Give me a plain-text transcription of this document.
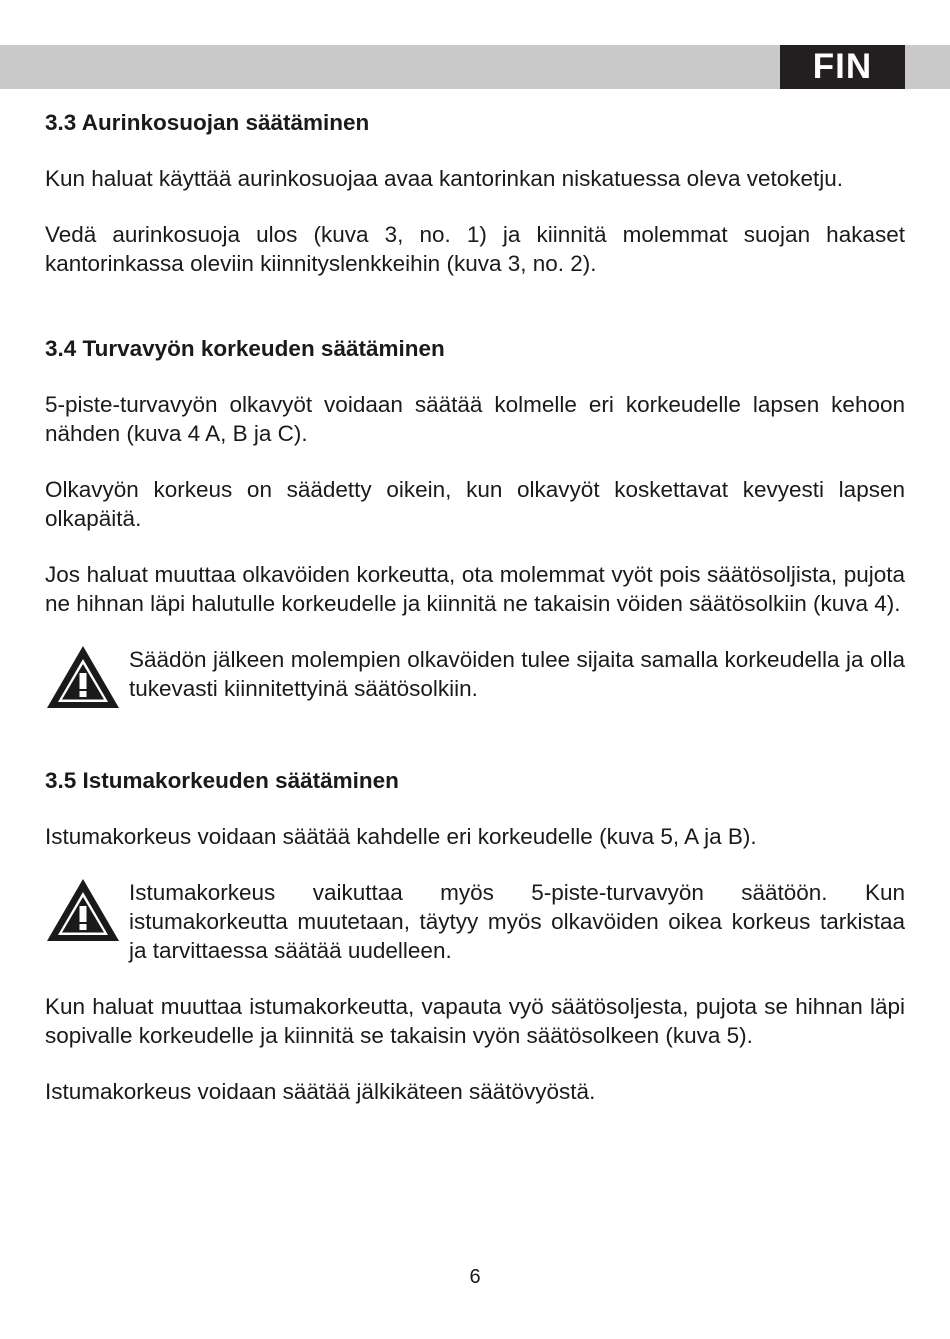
FIN
3.3 Aurinkosuojan säätäminen

Kun haluat käyttää aurinkosuojaa avaa kantorinkan niskatuessa oleva vetoketju.

Vedä aurinkosuoja ulos (kuva 3, no. 1) ja kiinnitä molemmat suojan hakaset kantorinkassa oleviin kiinnityslenkkeihin (kuva 3, no. 2).

3.4 Turvavyön korkeuden säätäminen

5-piste-turvavyön olkavyöt voidaan säätää kolmelle eri korkeudelle lapsen kehoon nähden (kuva 4 A, B ja C).

Olkavyön korkeus on säädetty oikein, kun olkavyöt koskettavat kevyesti lapsen olkapäitä.

Jos haluat muuttaa olkavöiden korkeutta, ota molemmat vyöt pois säätösoljista, pujota ne hihnan läpi halutulle korkeudelle ja kiinnitä ne takaisin vöiden säätösolkiin (kuva 4).

Säädön jälkeen molempien olkavöiden tulee sijaita samalla korkeudella ja olla tukevasti kiinnitettyinä säätösolkiin.
3.5 Istumakorkeuden säätäminen

Istumakorkeus voidaan säätää kahdelle eri korkeudelle (kuva 5, A ja B).

Istumakorkeus vaikuttaa myös 5-piste-turvavyön säätöön. Kun istumakorkeutta muutetaan, täytyy myös olkavöiden oikea korkeus tarkistaa ja tarvittaessa säätää uudelleen.

Kun haluat muuttaa istumakorkeutta, vapauta vyö säätösoljesta, pujota se hihnan läpi sopivalle korkeudelle ja kiinnitä se takaisin vyön säätösolkeen (kuva 5).

Istumakorkeus voidaan säätää jälkikäteen säätövyöstä.

6
